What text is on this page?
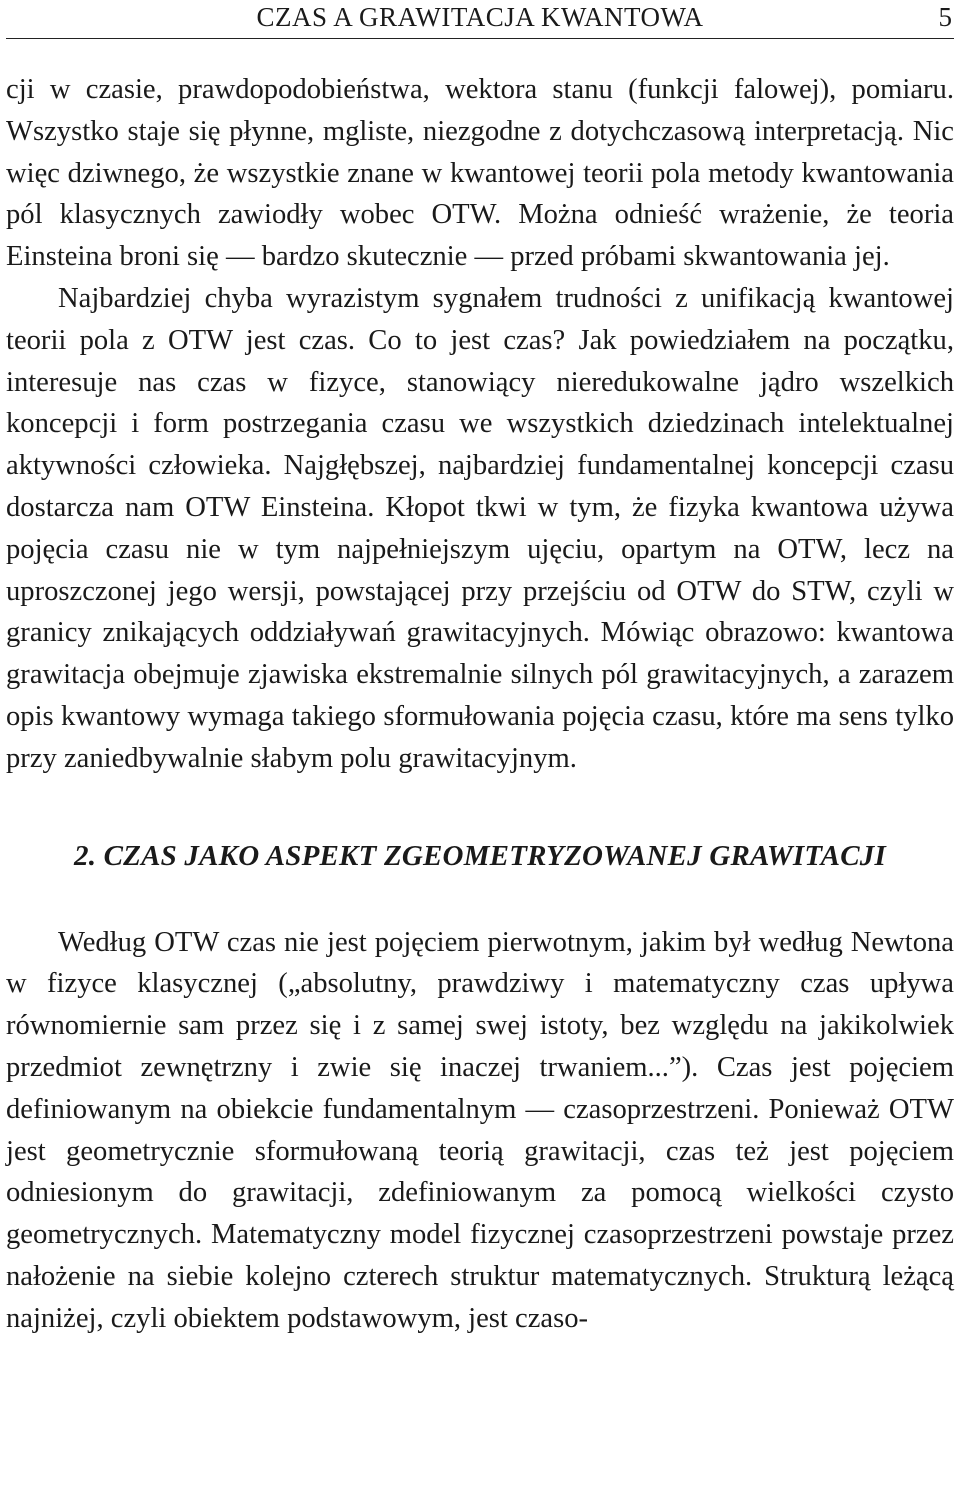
CZAS A GRAWITACJA KWANTOWA	5

cji w czasie, prawdopodobieństwa, wektora stanu (funkcji falowej), pomiaru. Wszystko staje się płynne, mgliste, niezgodne z dotychczasową interpretacją. Nic więc dziwnego, że wszystkie znane w kwantowej teorii pola metody kwantowania pól klasycznych zawiodły wobec OTW. Można odnieść wrażenie, że teoria Einsteina broni się — bardzo skutecznie — przed próbami skwantowania jej.

Najbardziej chyba wyrazistym sygnałem trudności z unifikacją kwantowej teorii pola z OTW jest czas. Co to jest czas? Jak powiedziałem na początku, interesuje nas czas w fizyce, stanowiący nieredukowalne jądro wszelkich koncepcji i form postrzegania czasu we wszystkich dziedzinach intelektualnej aktywności człowieka. Najgłębszej, najbardziej fundamentalnej koncepcji czasu dostarcza nam OTW Einsteina. Kłopot tkwi w tym, że fizyka kwantowa używa pojęcia czasu nie w tym najpełniejszym ujęciu, opartym na OTW, lecz na uproszczonej jego wersji, powstającej przy przejściu od OTW do STW, czyli w granicy znikających oddziaływań grawitacyjnych. Mówiąc obrazowo: kwantowa grawitacja obejmuje zjawiska ekstremalnie silnych pól grawitacyjnych, a zarazem opis kwantowy wymaga takiego sformułowania pojęcia czasu, które ma sens tylko przy zaniedbywalnie słabym polu grawitacyjnym.

2. CZAS JAKO ASPEKT ZGEOMETRYZOWANEJ GRAWITACJI

Według OTW czas nie jest pojęciem pierwotnym, jakim był według Newtona w fizyce klasycznej („absolutny, prawdziwy i matematyczny czas upływa równomiernie sam przez się i z samej swej istoty, bez względu na jakikolwiek przedmiot zewnętrzny i zwie się inaczej trwaniem...”). Czas jest pojęciem definiowanym na obiekcie fundamentalnym — czasoprzestrzeni. Ponieważ OTW jest geometrycznie sformułowaną teorią grawitacji, czas też jest pojęciem odniesionym do grawitacji, zdefiniowanym za pomocą wielkości czysto geometrycznych. Matematyczny model fizycznej czasoprzestrzeni powstaje przez nałożenie na siebie kolejno czterech struktur matematycznych. Strukturą leżącą najniżej, czyli obiektem podstawowym, jest czaso-
